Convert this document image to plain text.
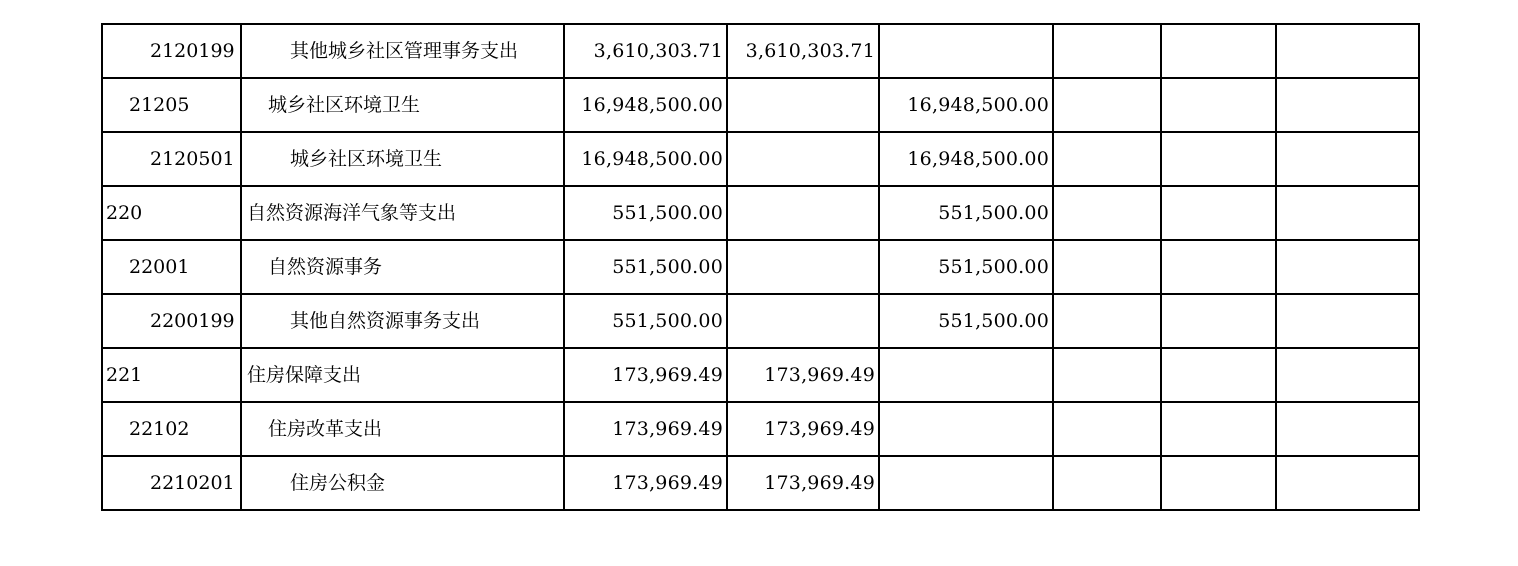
2120199	其他城乡社区管理事务支出	3,610,303.71	3,610,303.71				
21205	城乡社区环境卫生	16,948,500.00		16,948,500.00			
2120501	城乡社区环境卫生	16,948,500.00		16,948,500.00			
220	自然资源海洋气象等支出	551,500.00		551,500.00			
22001	自然资源事务	551,500.00		551,500.00			
2200199	其他自然资源事务支出	551,500.00		551,500.00			
221	住房保障支出	173,969.49	173,969.49				
22102	住房改革支出	173,969.49	173,969.49				
2210201	住房公积金	173,969.49	173,969.49				
